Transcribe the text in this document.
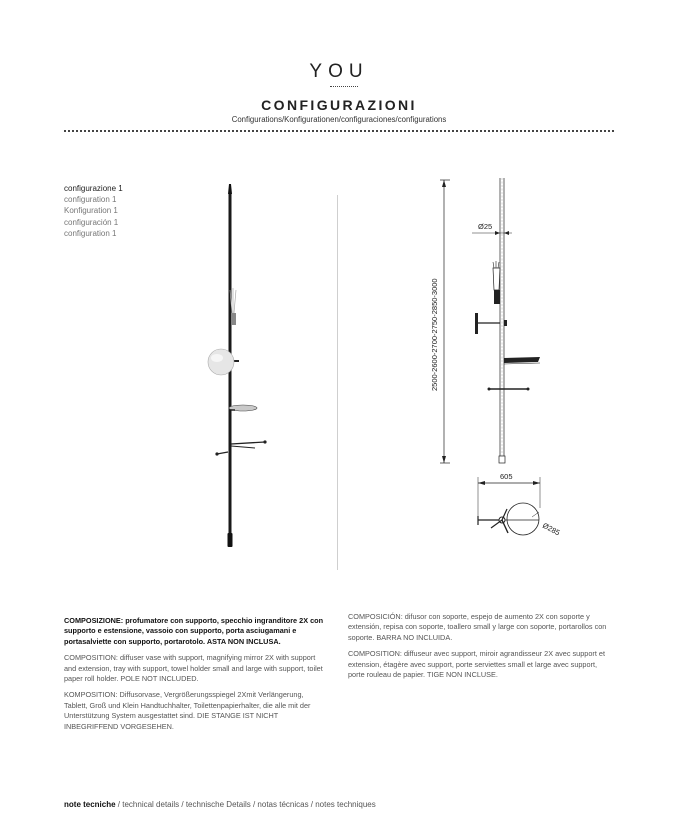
YOU
CONFIGURAZIONI
Configurations/Konfigurationen/configuraciones/configurations
configurazione 1
configuration 1
Konfiguration 1
configuración 1
configuration 1
2500-2600-2700-2750-2850-3000
Ø25
605
Ø285

COMPOSIZIONE: profumatore con supporto, specchio ingranditore 2X con supporto e estensione, vassoio con supporto, porta asciugamani e portasalviette con supporto, portarotolo. ASTA NON INCLUSA.

COMPOSITION: diffuser vase with support, magnifying mirror 2X with support and extension, tray with support, towel holder small and large with support, toilet paper roll holder. POLE NOT INCLUDED.

KOMPOSITION: Diffusorvase, Vergrößerungsspiegel 2Xmit Verlängerung, Tablett, Groß und Klein Handtuchhalter, Toilettenpapierhalter, die alle mit der Unterstützung System ausgestattet sind. DIE STANGE IST NICHT INBEGRIFFEND VORGESEHEN.

COMPOSICIÓN: difusor con soporte, espejo de aumento 2X con soporte y extensión, repisa con soporte, toallero small y large con soporte, portarollos con soporte. BARRA NO INCLUIDA.

COMPOSITION: diffuseur avec support, miroir agrandisseur 2X avec support et extension, étagère avec support, porte serviettes small et large avec support, porte rouleau de papier. TIGE NON INCLUSE.

note tecniche / technical details / technische Details / notas técnicas / notes techniques
